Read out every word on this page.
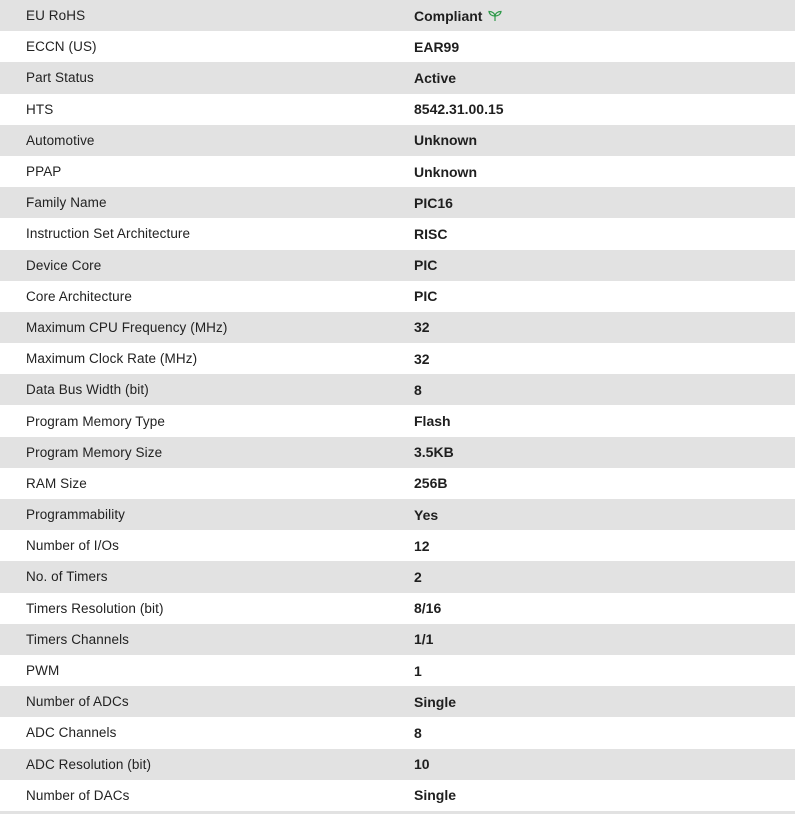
EU RoHS	Compliant
ECCN (US)	EAR99
Part Status	Active
HTS	8542.31.00.15
Automotive	Unknown
PPAP	Unknown
Family Name	PIC16
Instruction Set Architecture	RISC
Device Core	PIC
Core Architecture	PIC
Maximum CPU Frequency (MHz)	32
Maximum Clock Rate (MHz)	32
Data Bus Width (bit)	8
Program Memory Type	Flash
Program Memory Size	3.5KB
RAM Size	256B
Programmability	Yes
Number of I/Os	12
No. of Timers	2
Timers Resolution (bit)	8/16
Timers Channels	1/1
PWM	1
Number of ADCs	Single
ADC Channels	8
ADC Resolution (bit)	10
Number of DACs	Single
